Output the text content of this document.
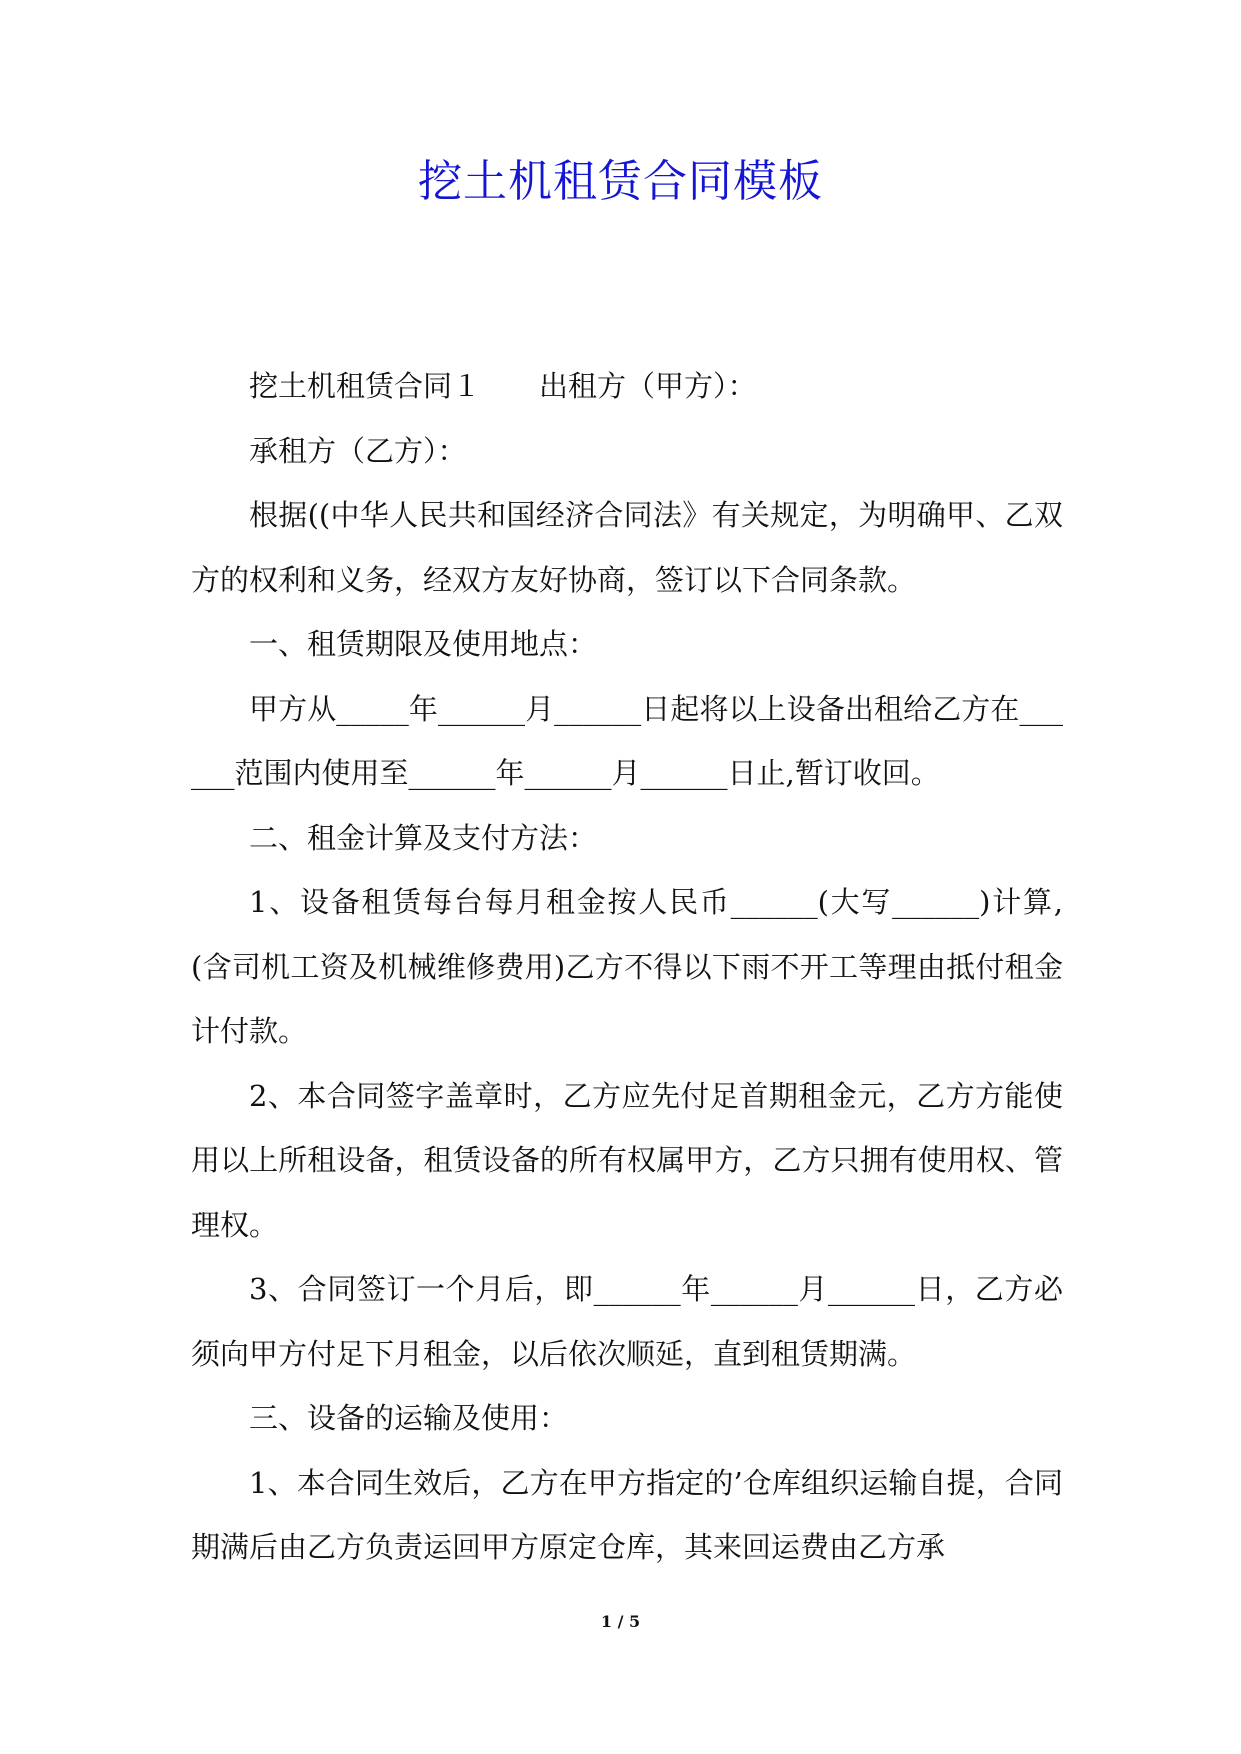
挖土机租赁合同模板

挖土机租赁合同１　　出租方（甲方）：

承租方（乙方）：

根据((中华人民共和国经济合同法》有关规定，为明确甲、乙双方的权利和义务，经双方友好协商，签订以下合同条款。

一、租赁期限及使用地点：

甲方从_____年______月______日起将以上设备出租给乙方在______范围内使用至______年______月______日止,暂订收回。

二、租金计算及支付方法：

1、设备租赁每台每月租金按人民币______(大写______)计算,(含司机工资及机械维修费用)乙方不得以下雨不开工等理由抵付租金计付款。

2、本合同签字盖章时，乙方应先付足首期租金元，乙方方能使用以上所租设备，租赁设备的所有权属甲方，乙方只拥有使用权、管理权。

3、合同签订一个月后，即______年______月______日，乙方必须向甲方付足下月租金，以后依次顺延，直到租赁期满。

三、设备的运输及使用：

1、本合同生效后，乙方在甲方指定的’仓库组织运输自提，合同期满后由乙方负责运回甲方原定仓库，其来回运费由乙方承

1 / 5
